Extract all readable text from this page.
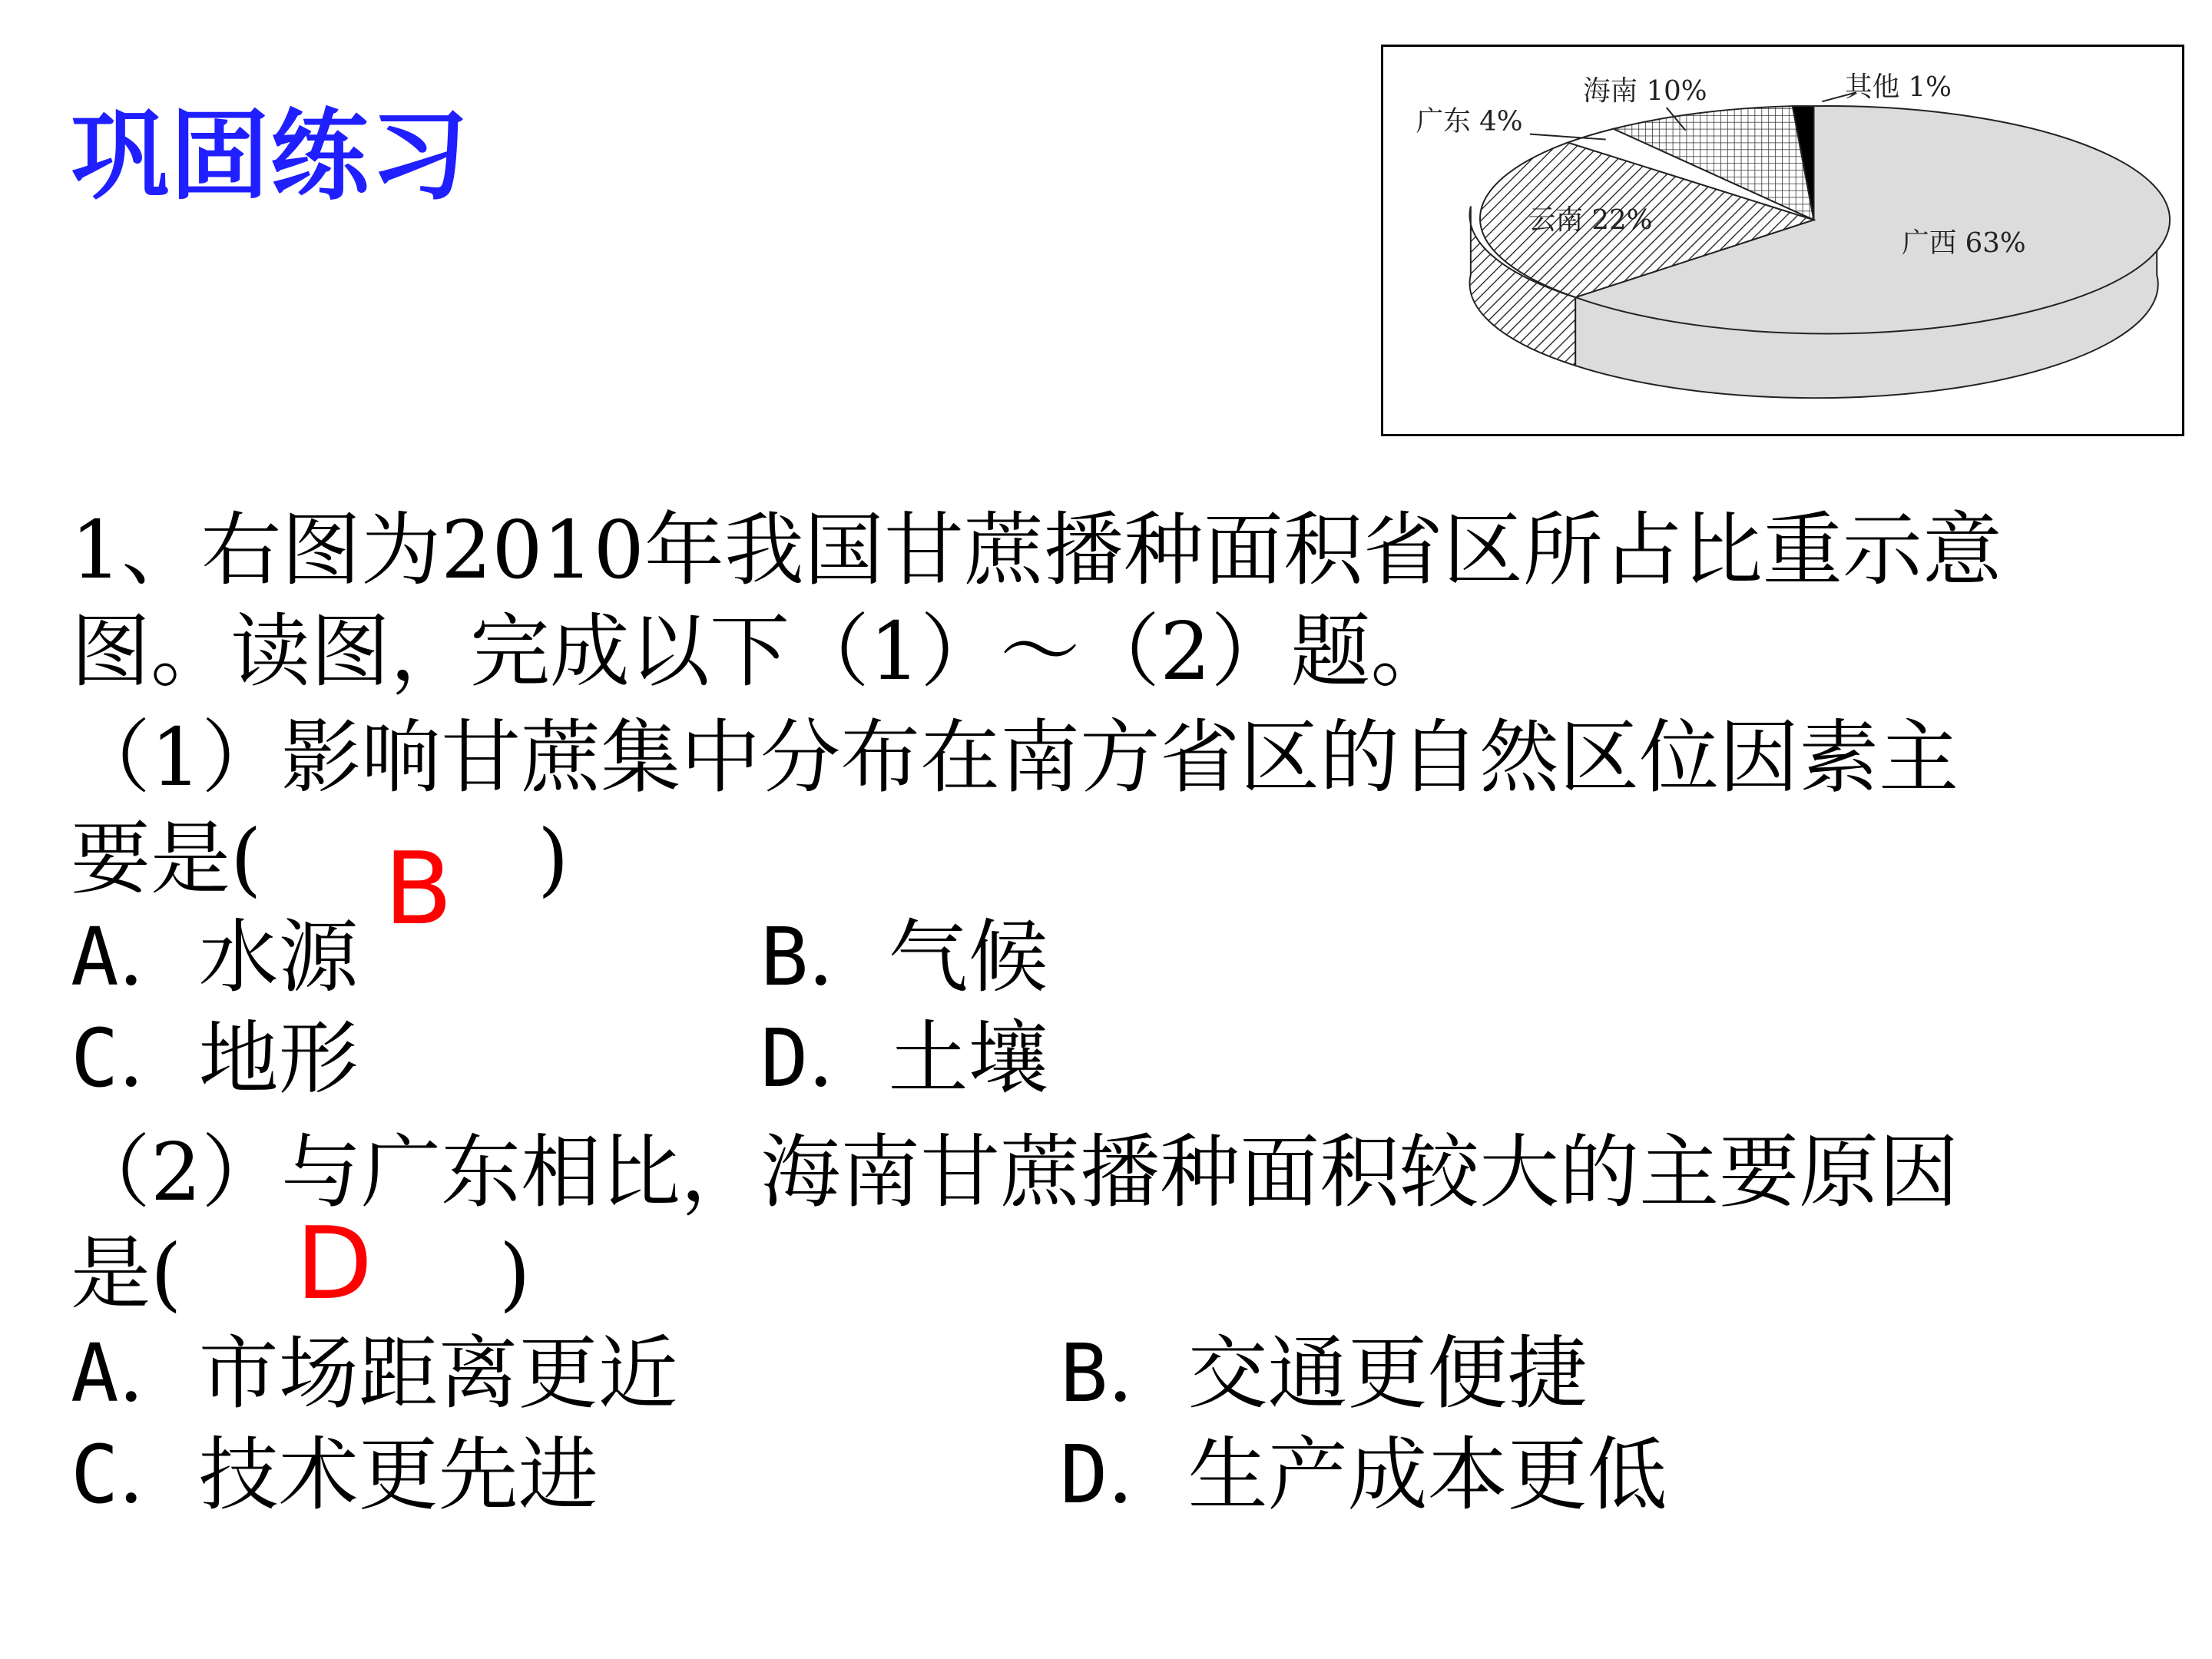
巩固练习	广东 4%
海南 10%	其他 1%
云南 22%
广西 63%
1、右图为2010年我国甘蔗播种面积省区所占比重示意
图。读图，完成以下（1）～（2）题。
（1）影响甘蔗集中分布在南方省区的自然区位因素主
要是(	)
B
A．水源	B．气候
C．地形	D．土壤
（2）与广东相比，海南甘蔗播种面积较大的主要原因
是(	)
D
A．市场距离更近	B．交通更便捷
C．技术更先进	D．生产成本更低
